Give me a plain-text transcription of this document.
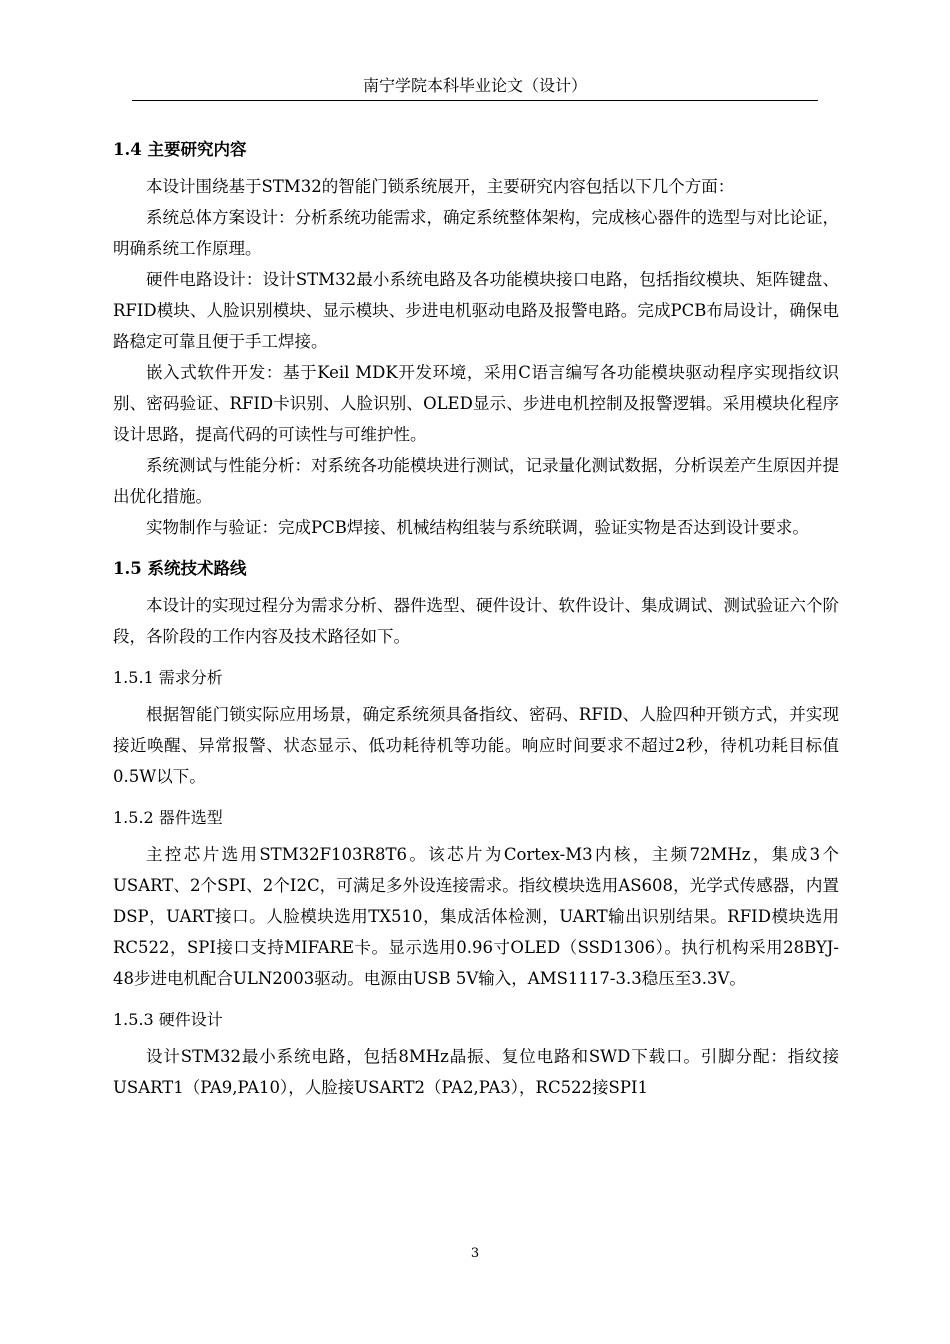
南宁学院本科毕业论文（设计）
1.4 主要研究内容

本设计围绕基于STM32的智能门锁系统展开，主要研究内容包括以下几个方面：

系统总体方案设计：分析系统功能需求，确定系统整体架构，完成核心器件的选型与对比论证，明确系统工作原理。

硬件电路设计：设计STM32最小系统电路及各功能模块接口电路，包括指纹模块、矩阵键盘、RFID模块、人脸识别模块、显示模块、步进电机驱动电路及报警电路。完成PCB布局设计，确保电路稳定可靠且便于手工焊接。

嵌入式软件开发：基于Keil MDK开发环境，采用C语言编写各功能模块驱动程序实现指纹识别、密码验证、RFID卡识别、人脸识别、OLED显示、步进电机控制及报警逻辑。采用模块化程序设计思路，提高代码的可读性与可维护性。

系统测试与性能分析：对系统各功能模块进行测试，记录量化测试数据，分析误差产生原因并提出优化措施。

实物制作与验证：完成PCB焊接、机械结构组装与系统联调，验证实物是否达到设计要求。

1.5 系统技术路线

本设计的实现过程分为需求分析、器件选型、硬件设计、软件设计、集成调试、测试验证六个阶段，各阶段的工作内容及技术路径如下。

1.5.1 需求分析

根据智能门锁实际应用场景，确定系统须具备指纹、密码、RFID、人脸四种开锁方式，并实现接近唤醒、异常报警、状态显示、低功耗待机等功能。响应时间要求不超过2秒，待机功耗目标值0.5W以下。

1.5.2 器件选型

主控芯片选用STM32F103R8T6。该芯片为Cortex-M3内核，主频72MHz，集成3个USART、2个SPI、2个I2C，可满足多外设连接需求。指纹模块选用AS608，光学式传感器，内置DSP，UART接口。人脸模块选用TX510，集成活体检测，UART输出识别结果。RFID模块选用RC522，SPI接口支持MIFARE卡。显示选用0.96寸OLED（SSD1306）。执行机构采用28BYJ-48步进电机配合ULN2003驱动。电源由USB 5V输入，AMS1117-3.3稳压至3.3V。

1.5.3 硬件设计

设计STM32最小系统电路，包括8MHz晶振、复位电路和SWD下载口。引脚分配：指纹接USART1（PA9,PA10），人脸接USART2（PA2,PA3），RC522接SPI1

3
